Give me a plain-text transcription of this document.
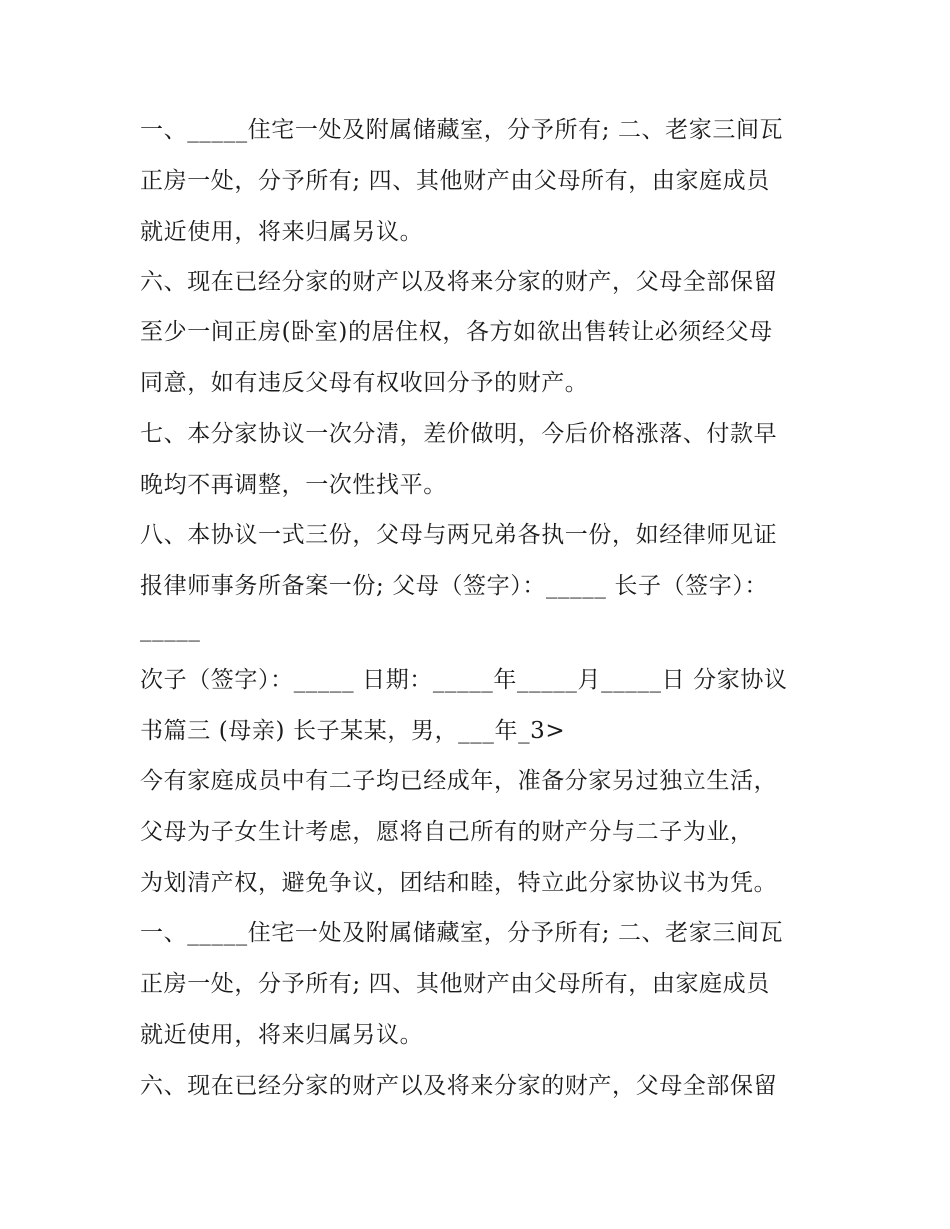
一、_____住宅一处及附属储藏室，分予所有; 二、老家三间瓦
正房一处，分予所有; 四、其他财产由父母所有，由家庭成员
就近使用，将来归属另议。
六、现在已经分家的财产以及将来分家的财产，父母全部保留
至少一间正房(卧室)的居住权，各方如欲出售转让必须经父母
同意，如有违反父母有权收回分予的财产。
七、本分家协议一次分清，差价做明，今后价格涨落、付款早
晚均不再调整，一次性找平。
八、本协议一式三份，父母与两兄弟各执一份，如经律师见证
报律师事务所备案一份; 父母（签字）：_____ 长子（签字）：
_____
次子（签字）：_____ 日期：_____年_____月_____日 分家协议
书篇三 (母亲) 长子某某，男，___年_3>
今有家庭成员中有二子均已经成年，准备分家另过独立生活，
父母为子女生计考虑，愿将自己所有的财产分与二子为业，
为划清产权，避免争议，团结和睦，特立此分家协议书为凭。
一、_____住宅一处及附属储藏室，分予所有; 二、老家三间瓦
正房一处，分予所有; 四、其他财产由父母所有，由家庭成员
就近使用，将来归属另议。
六、现在已经分家的财产以及将来分家的财产，父母全部保留
